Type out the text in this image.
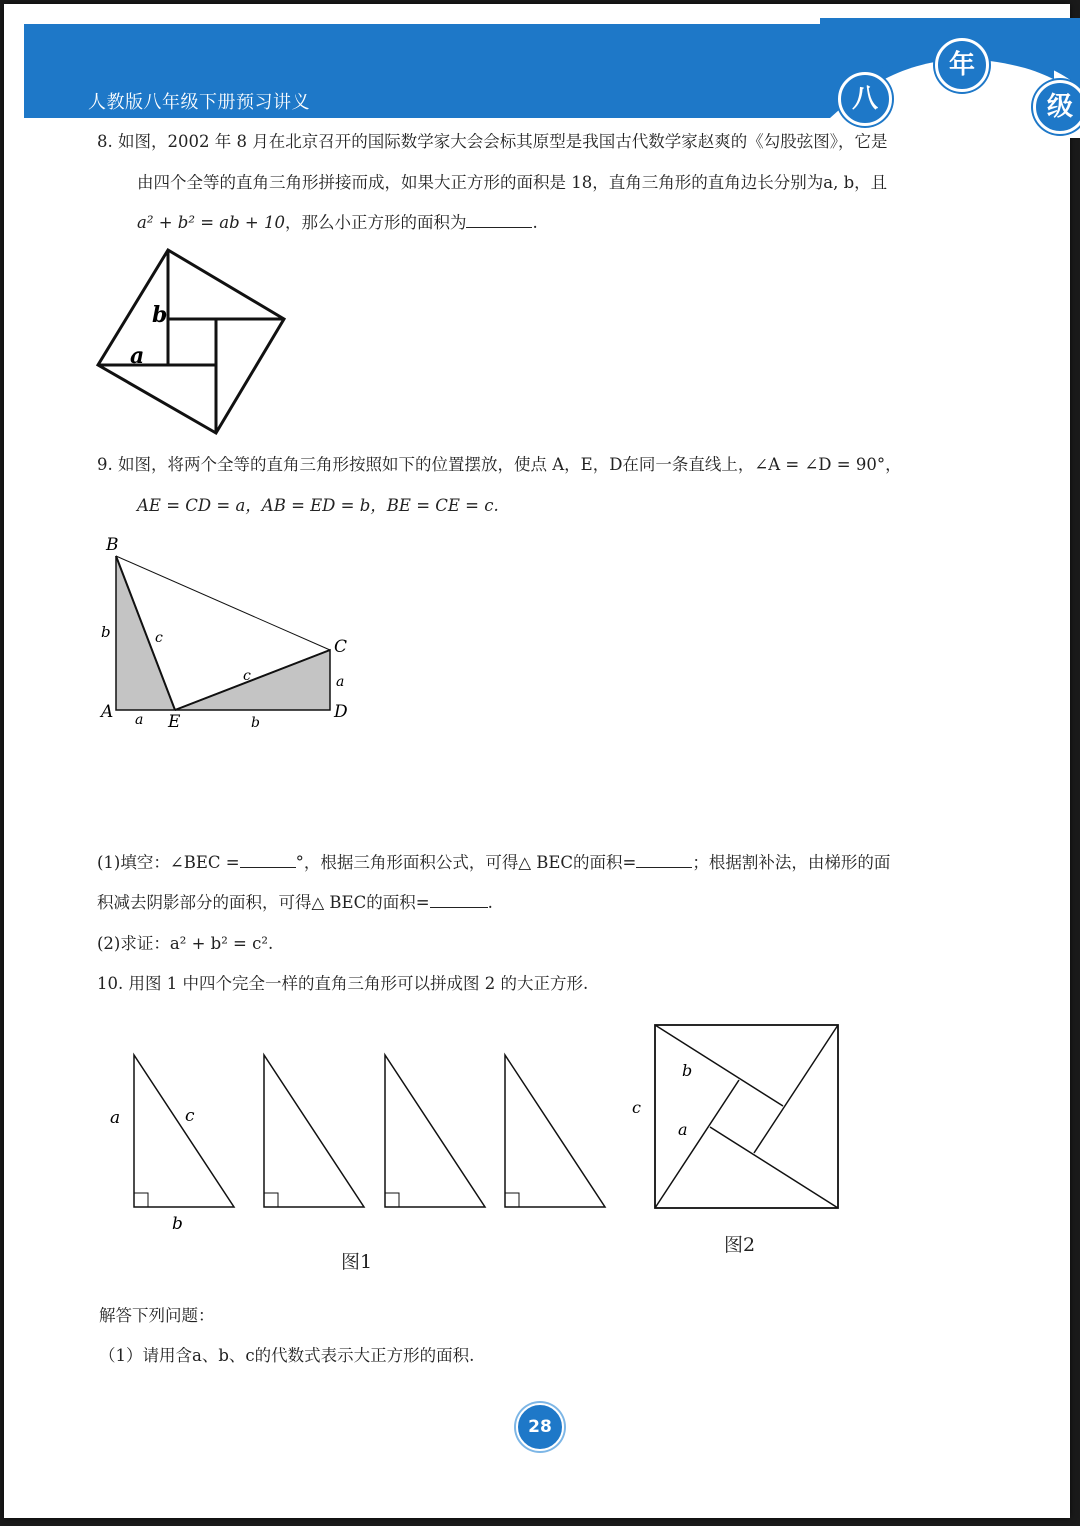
人教版八年级下册预习讲义	八
年
级
8. 如图，2002 年 8 月在北京召开的国际数学家大会会标其原型是我国古代数学家赵爽的《勾股弦图》，它是
由四个全等的直角三角形拼接而成，如果大正方形的面积是 18，直角三角形的直角边长分别为a, b，且
a² + b² = ab + 10，那么小正方形的面积为	.
b
a
9. 如图，将两个全等的直角三角形按照如下的位置摆放，使点 A，E，D在同一条直线上，∠A = ∠D = 90°，
AE = CD = a，AB = ED = b，BE = CE = c.
B
C
A	E	D
b	c
c	a
a	b
(1)填空：∠BEC =	°，根据三角形面积公式，可得△ BEC的面积=	；根据割补法，由梯形的面
积减去阴影部分的面积，可得△ BEC的面积=	.
(2)求证：a² + b² = c².
10. 用图 1 中四个完全一样的直角三角形可以拼成图 2 的大正方形.
a	c
b
图1
b
a
c
图2
解答下列问题：
（1）请用含a、b、c的代数式表示大正方形的面积.
28
